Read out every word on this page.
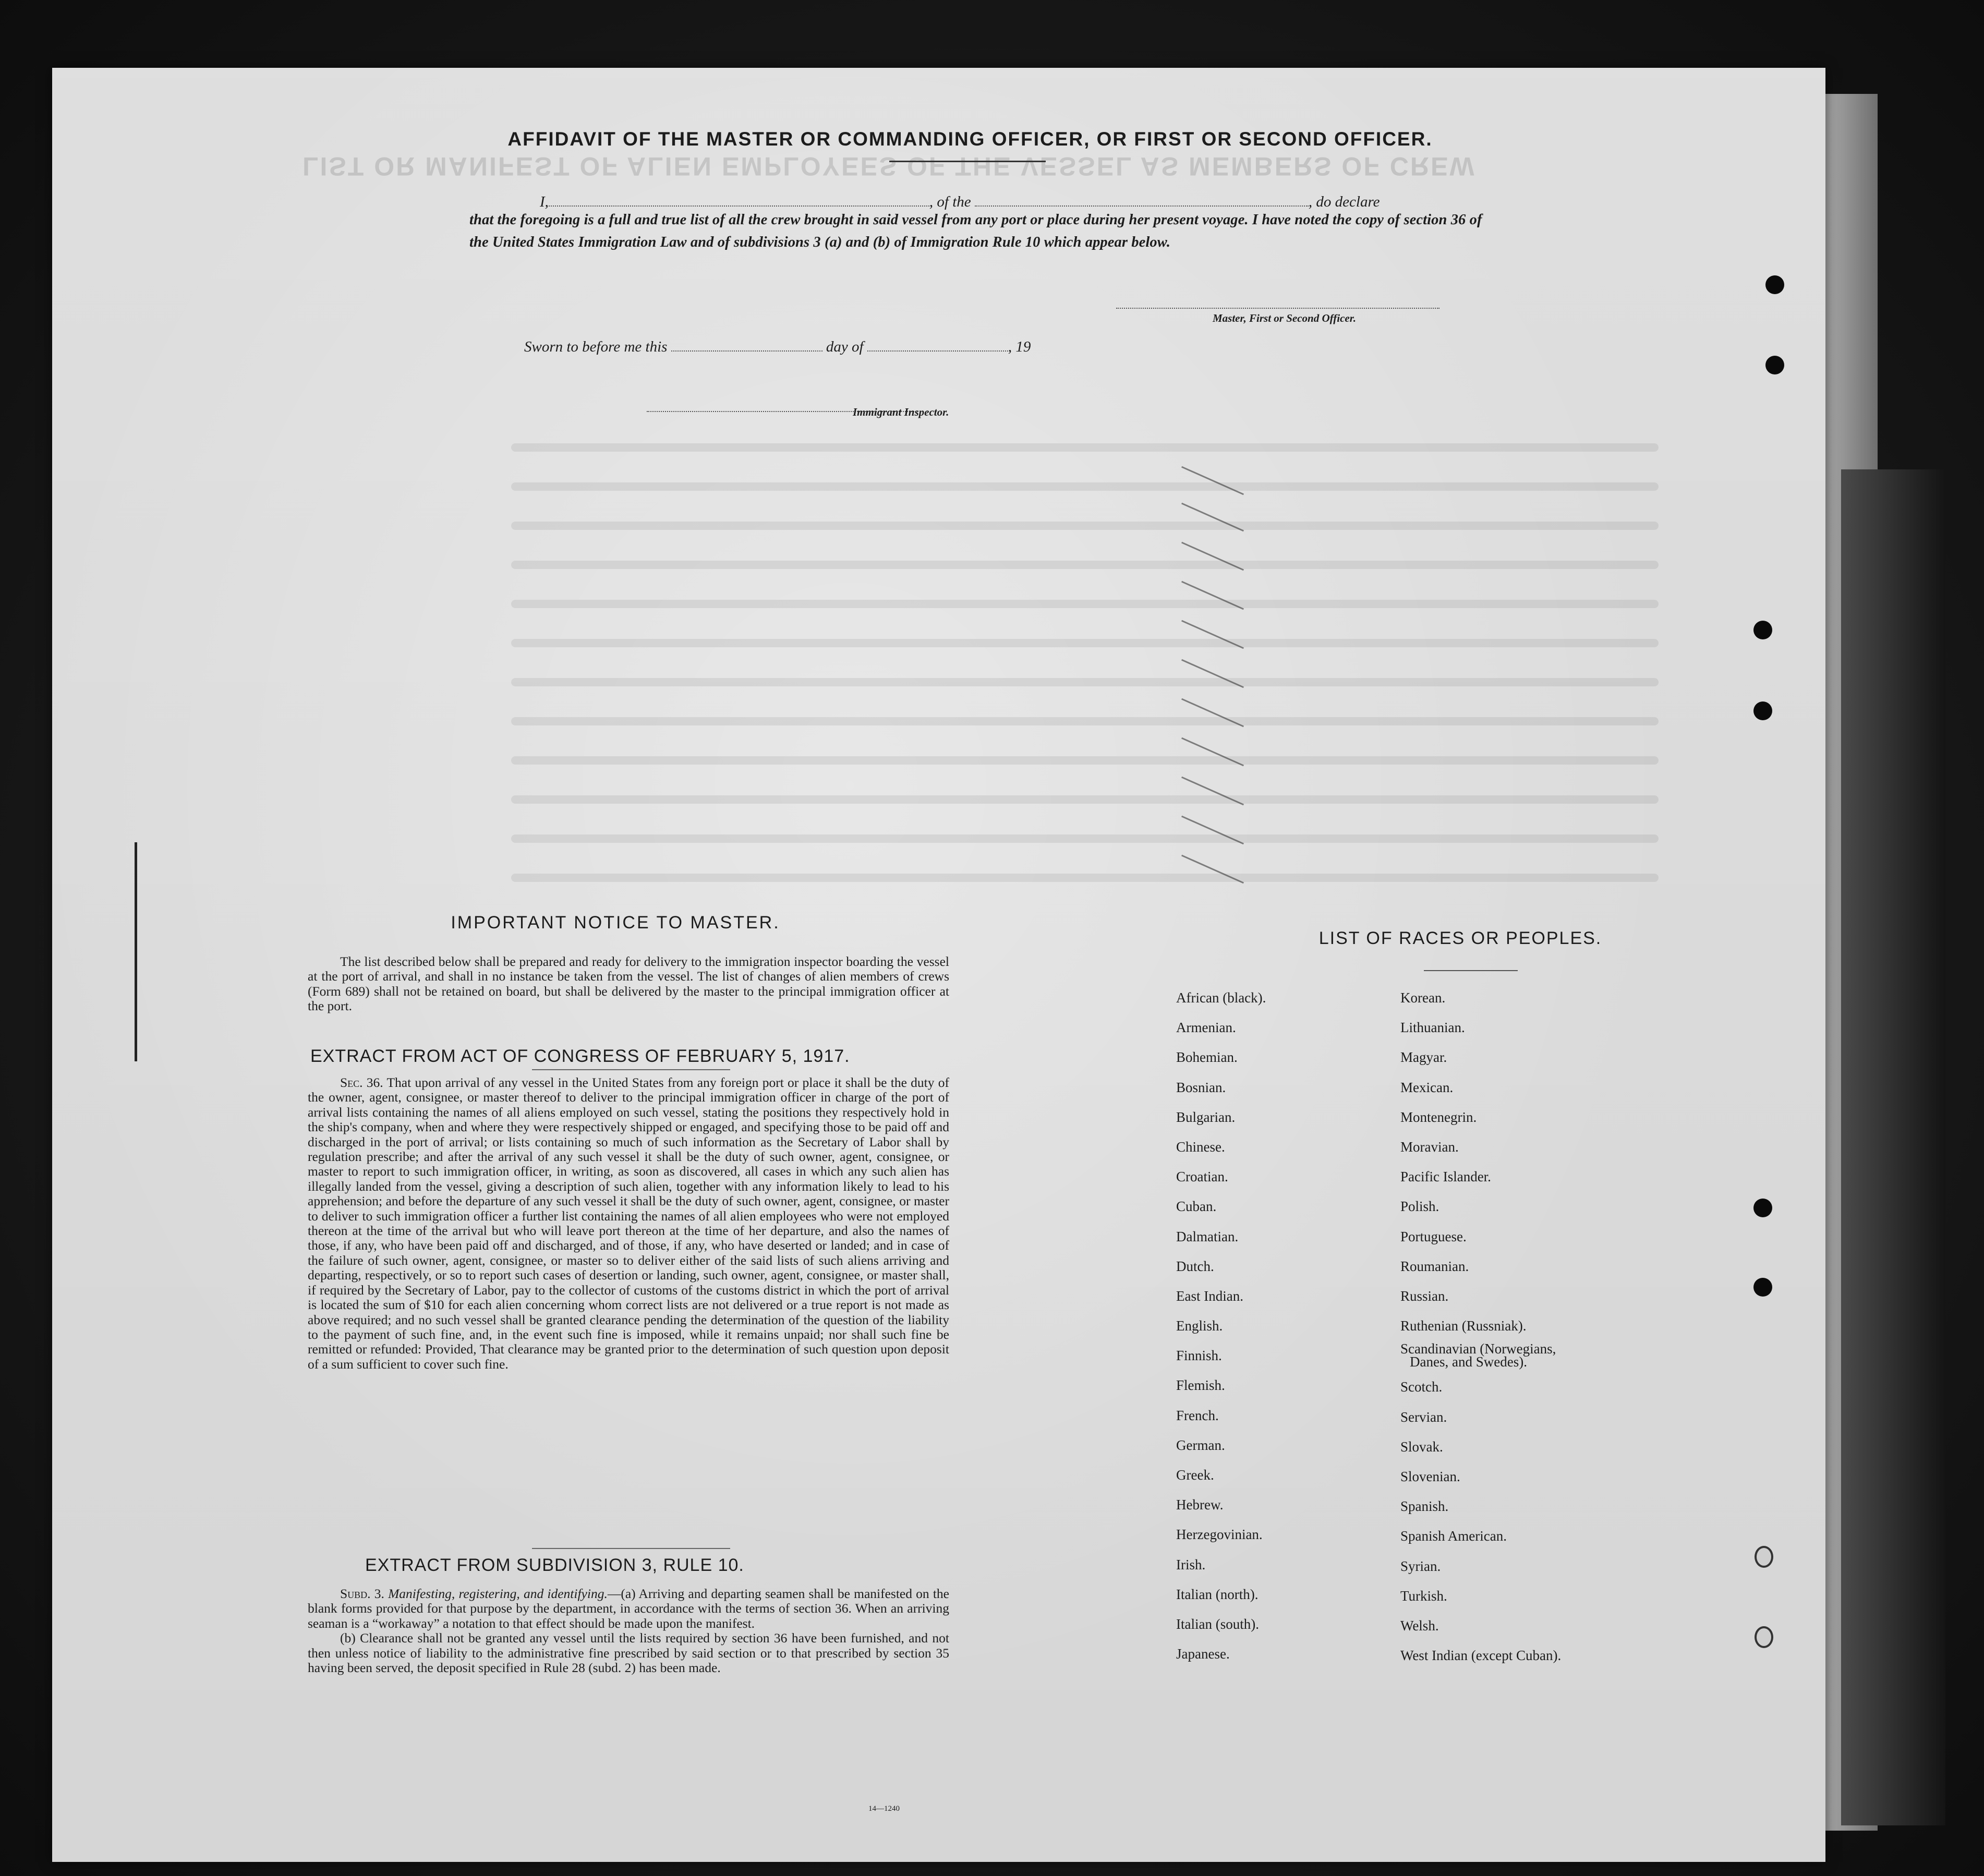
LIST OR MANIFEST OF ALIEN EMPLOYEES OF THE VESSEL AS MEMBERS OF CREW
AFFIDAVIT OF THE MASTER OR COMMANDING OFFICER, OR FIRST OR SECOND OFFICER.
I,	, of the	, do declare
that the foregoing is a full and true list of all the crew brought in said vessel from any port or place during her present voyage. I have noted the copy of section 36 of the United States Immigration Law and of subdivisions 3 (a) and (b) of Immigration Rule 10 which appear below.
Master, First or Second Officer.
Sworn to before me this	day of	, 19
Immigrant Inspector.
IMPORTANT NOTICE TO MASTER.

The list described below shall be prepared and ready for delivery to the immigration inspector boarding the vessel at the port of arrival, and shall in no instance be taken from the vessel. The list of changes of alien members of crews (Form 689) shall not be retained on board, but shall be delivered by the master to the principal immigration officer at the port.

EXTRACT FROM ACT OF CONGRESS OF FEBRUARY 5, 1917.

Sec. 36. That upon arrival of any vessel in the United States from any foreign port or place it shall be the duty of the owner, agent, consignee, or master thereof to deliver to the principal immigration officer in charge of the port of arrival lists containing the names of all aliens employed on such vessel, stating the positions they respectively hold in the ship's company, when and where they were respectively shipped or engaged, and specifying those to be paid off and discharged in the port of arrival; or lists containing so much of such information as the Secretary of Labor shall by regulation prescribe; and after the arrival of any such vessel it shall be the duty of such owner, agent, consignee, or master to report to such immigration officer, in writing, as soon as discovered, all cases in which any such alien has illegally landed from the vessel, giving a description of such alien, together with any information likely to lead to his apprehension; and before the departure of any such vessel it shall be the duty of such owner, agent, consignee, or master to deliver to such immigration officer a further list containing the names of all alien employees who were not employed thereon at the time of the arrival but who will leave port thereon at the time of her departure, and also the names of those, if any, who have been paid off and discharged, and of those, if any, who have deserted or landed; and in case of the failure of such owner, agent, consignee, or master so to deliver either of the said lists of such aliens arriving and departing, respectively, or so to report such cases of desertion or landing, such owner, agent, consignee, or master shall, if required by the Secretary of Labor, pay to the collector of customs of the customs district in which the port of arrival is located the sum of $10 for each alien concerning whom correct lists are not delivered or a true report is not made as above required; and no such vessel shall be granted clearance pending the determination of the question of the liability to the payment of such fine, and, in the event such fine is imposed, while it remains unpaid; nor shall such fine be remitted or refunded: Provided, That clearance may be granted prior to the determination of such question upon deposit of a sum sufficient to cover such fine.

EXTRACT FROM SUBDIVISION 3, RULE 10.

Subd. 3. Manifesting, registering, and identifying.—(a) Arriving and departing seamen shall be manifested on the blank forms provided for that purpose by the department, in accordance with the terms of section 36. When an arriving seaman is a “workaway” a notation to that effect should be made upon the manifest.

(b) Clearance shall not be granted any vessel until the lists required by section 36 have been furnished, and not then unless notice of liability to the administrative fine prescribed by said section or to that prescribed by section 35 having been served, the deposit specified in Rule 28 (subd. 2) has been made.

14—1240
LIST OF RACES OR PEOPLES.
African (black).
Armenian.
Bohemian.
Bosnian.
Bulgarian.
Chinese.
Croatian.
Cuban.
Dalmatian.
Dutch.
East Indian.
English.
Finnish.
Flemish.
French.
German.
Greek.
Hebrew.
Herzegovinian.
Irish.
Italian (north).
Italian (south).
Japanese.
Korean.
Lithuanian.
Magyar.
Mexican.
Montenegrin.
Moravian.
Pacific Islander.
Polish.
Portuguese.
Roumanian.
Russian.
Ruthenian (Russniak).
Scandinavian (Norwegians,
Danes, and Swedes).
Scotch.
Servian.
Slovak.
Slovenian.
Spanish.
Spanish American.
Syrian.
Turkish.
Welsh.
West Indian (except Cuban).
